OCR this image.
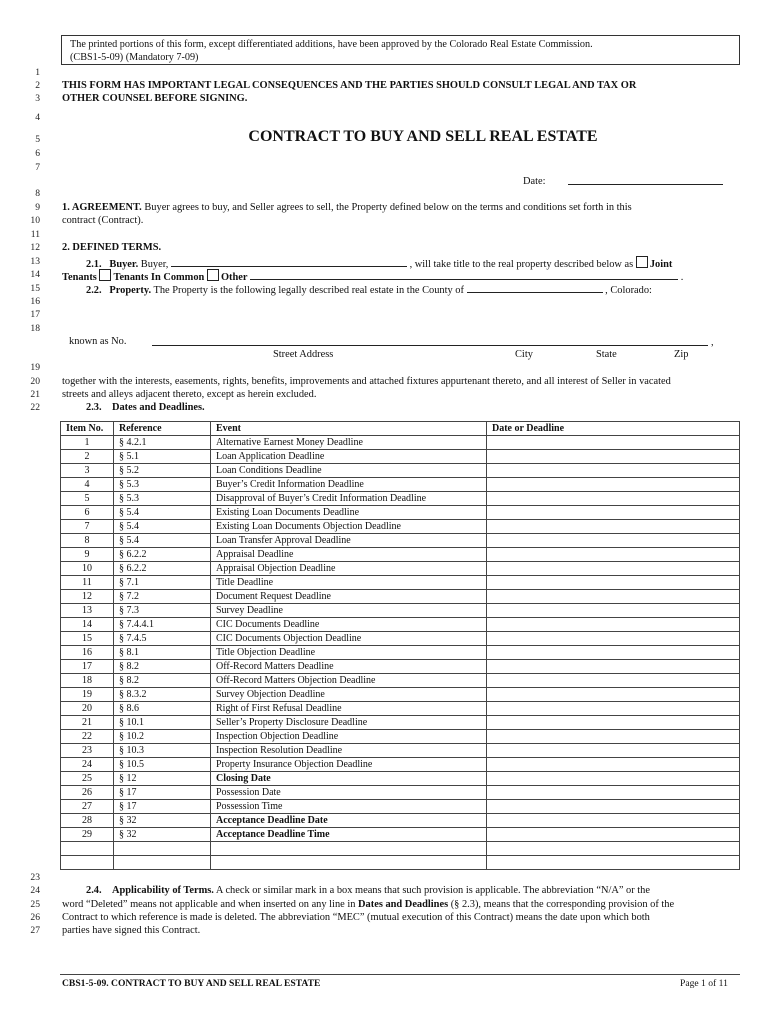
The printed portions of this form, except differentiated additions, have been approved by the Colorado Real Estate Commission.
(CBS1-5-09) (Mandatory 7-09)
1
2
3
4
5
6
7
8
9
10
11
12
13
14
15
16
17
18
19
20
21
22
23
24
25
26
27
THIS FORM HAS IMPORTANT LEGAL CONSEQUENCES AND THE PARTIES SHOULD CONSULT LEGAL AND TAX OR
OTHER COUNSEL BEFORE SIGNING.
CONTRACT TO BUY AND SELL REAL ESTATE
Date:
1. AGREEMENT. Buyer agrees to buy, and Seller agrees to sell, the Property defined below on the terms and conditions set forth in this
contract (Contract).
2. DEFINED TERMS.
2.1. Buyer. Buyer,	, will take title to the real property described below as Joint
Tenants Tenants In Common Other	.
2.2. Property. The Property is the following legally described real estate in the County of	, Colorado:
known as No.	,
Street Address	City	State	Zip
together with the interests, easements, rights, benefits, improvements and attached fixtures appurtenant thereto, and all interest of Seller in vacated
streets and alleys adjacent thereto, except as herein excluded.
2.3. Dates and Deadlines.
Item No.	Reference	Event	Date or Deadline
1	§ 4.2.1	Alternative Earnest Money Deadline	
2	§ 5.1	Loan Application Deadline	
3	§ 5.2	Loan Conditions Deadline	
4	§ 5.3	Buyer’s Credit Information Deadline	
5	§ 5.3	Disapproval of Buyer’s Credit Information Deadline	
6	§ 5.4	Existing Loan Documents Deadline	
7	§ 5.4	Existing Loan Documents Objection Deadline	
8	§ 5.4	Loan Transfer Approval Deadline	
9	§ 6.2.2	Appraisal Deadline	
10	§ 6.2.2	Appraisal Objection Deadline	
11	§ 7.1	Title Deadline	
12	§ 7.2	Document Request Deadline	
13	§ 7.3	Survey Deadline	
14	§ 7.4.4.1	CIC Documents Deadline	
15	§ 7.4.5	CIC Documents Objection Deadline	
16	§ 8.1	Title Objection Deadline	
17	§ 8.2	Off-Record Matters Deadline	
18	§ 8.2	Off-Record Matters Objection Deadline	
19	§ 8.3.2	Survey Objection Deadline	
20	§ 8.6	Right of First Refusal Deadline	
21	§ 10.1	Seller’s Property Disclosure Deadline	
22	§ 10.2	Inspection Objection Deadline	
23	§ 10.3	Inspection Resolution Deadline	
24	§ 10.5	Property Insurance Objection Deadline	
25	§ 12	Closing Date	
26	§ 17	Possession Date	
27	§ 17	Possession Time	
28	§ 32	Acceptance Deadline Date	
29	§ 32	Acceptance Deadline Time	

2.4. Applicability of Terms. A check or similar mark in a box means that such provision is applicable. The abbreviation “N/A” or the
word “Deleted” means not applicable and when inserted on any line in Dates and Deadlines (§ 2.3), means that the corresponding provision of the
Contract to which reference is made is deleted. The abbreviation “MEC” (mutual execution of this Contract) means the date upon which both
parties have signed this Contract.
CBS1-5-09. CONTRACT TO BUY AND SELL REAL ESTATE	Page 1 of 11
